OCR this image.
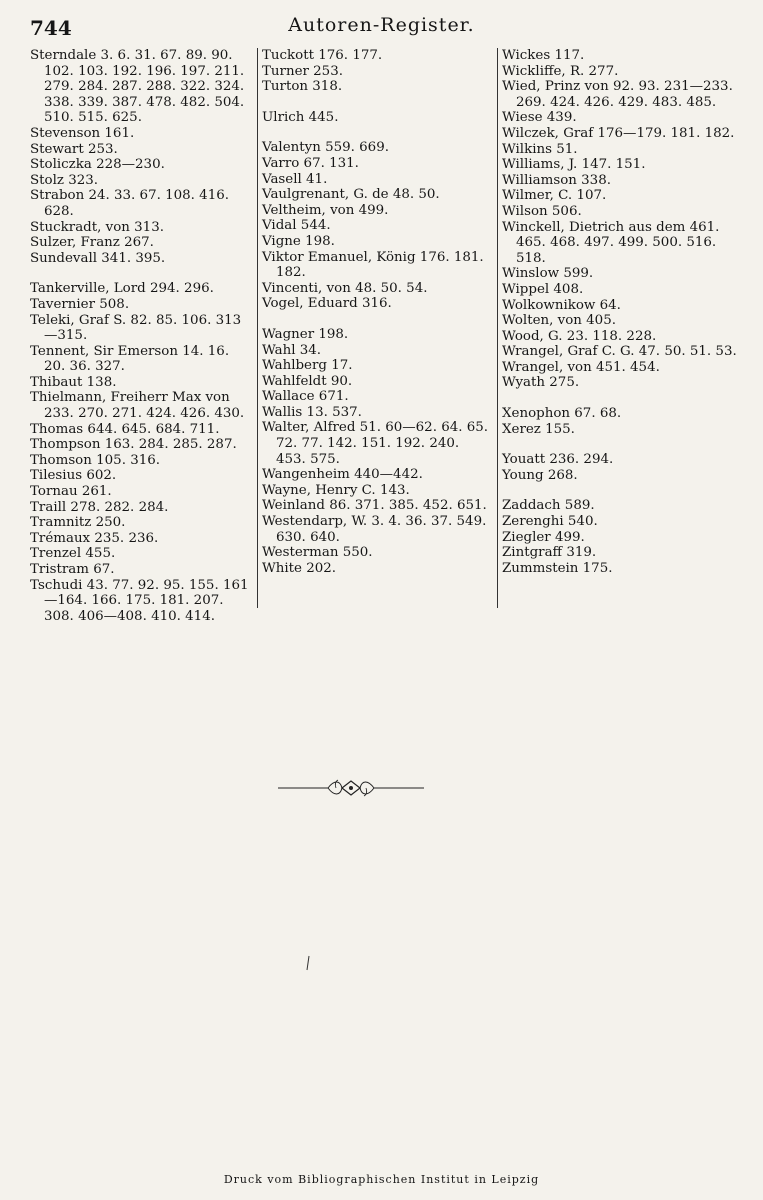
744	Autoren-Register.
Sterndale 3. 6. 31. 67. 89. 90. 102. 103. 192. 196. 197. 211. 279. 284. 287. 288. 322. 324. 338. 339. 387. 478. 482. 504. 510. 515. 625.
Stevenson 161.
Stewart 253.
Stoliczka 228—230.
Stolz 323.
Strabon 24. 33. 67. 108. 416. 628.
Stuckradt, von 313.
Sulzer, Franz 267.
Sundevall 341. 395.
Tankerville, Lord 294. 296.
Tavernier 508.
Teleki, Graf S. 82. 85. 106. 313—315.
Tennent, Sir Emerson 14. 16. 20. 36. 327.
Thibaut 138.
Thielmann, Freiherr Max von 233. 270. 271. 424. 426. 430.
Thomas 644. 645. 684. 711.
Thompson 163. 284. 285. 287.
Thomson 105. 316.
Tilesius 602.
Tornau 261.
Traill 278. 282. 284.
Tramnitz 250.
Trémaux 235. 236.
Trenzel 455.
Tristram 67.
Tschudi 43. 77. 92. 95. 155. 161—164. 166. 175. 181. 207. 308. 406—408. 410. 414.
Tuckott 176. 177.
Turner 253.
Turton 318.
Ulrich 445.
Valentyn 559. 669.
Varro 67. 131.
Vasell 41.
Vaulgrenant, G. de 48. 50.
Veltheim, von 499.
Vidal 544.
Vigne 198.
Viktor Emanuel, König 176. 181. 182.
Vincenti, von 48. 50. 54.
Vogel, Eduard 316.
Wagner 198.
Wahl 34.
Wahlberg 17.
Wahlfeldt 90.
Wallace 671.
Wallis 13. 537.
Walter, Alfred 51. 60—62. 64. 65. 72. 77. 142. 151. 192. 240. 453. 575.
Wangenheim 440—442.
Wayne, Henry C. 143.
Weinland 86. 371. 385. 452. 651.
Westendarp, W. 3. 4. 36. 37. 549. 630. 640.
Westerman 550.
White 202.
Wickes 117.
Wickliffe, R. 277.
Wied, Prinz von 92. 93. 231—233. 269. 424. 426. 429. 483. 485.
Wiese 439.
Wilczek, Graf 176—179. 181. 182.
Wilkins 51.
Williams, J. 147. 151.
Williamson 338.
Wilmer, C. 107.
Wilson 506.
Winckell, Dietrich aus dem 461. 465. 468. 497. 499. 500. 516. 518.
Winslow 599.
Wippel 408.
Wolkownikow 64.
Wolten, von 405.
Wood, G. 23. 118. 228.
Wrangel, Graf C. G. 47. 50. 51. 53.
Wrangel, von 451. 454.
Wyath 275.
Xenophon 67. 68.
Xerez 155.
Youatt 236. 294.
Young 268.
Zaddach 589.
Zerenghi 540.
Ziegler 499.
Zintgraff 319.
Zummstein 175.
Druck vom Bibliographischen Institut in Leipzig
